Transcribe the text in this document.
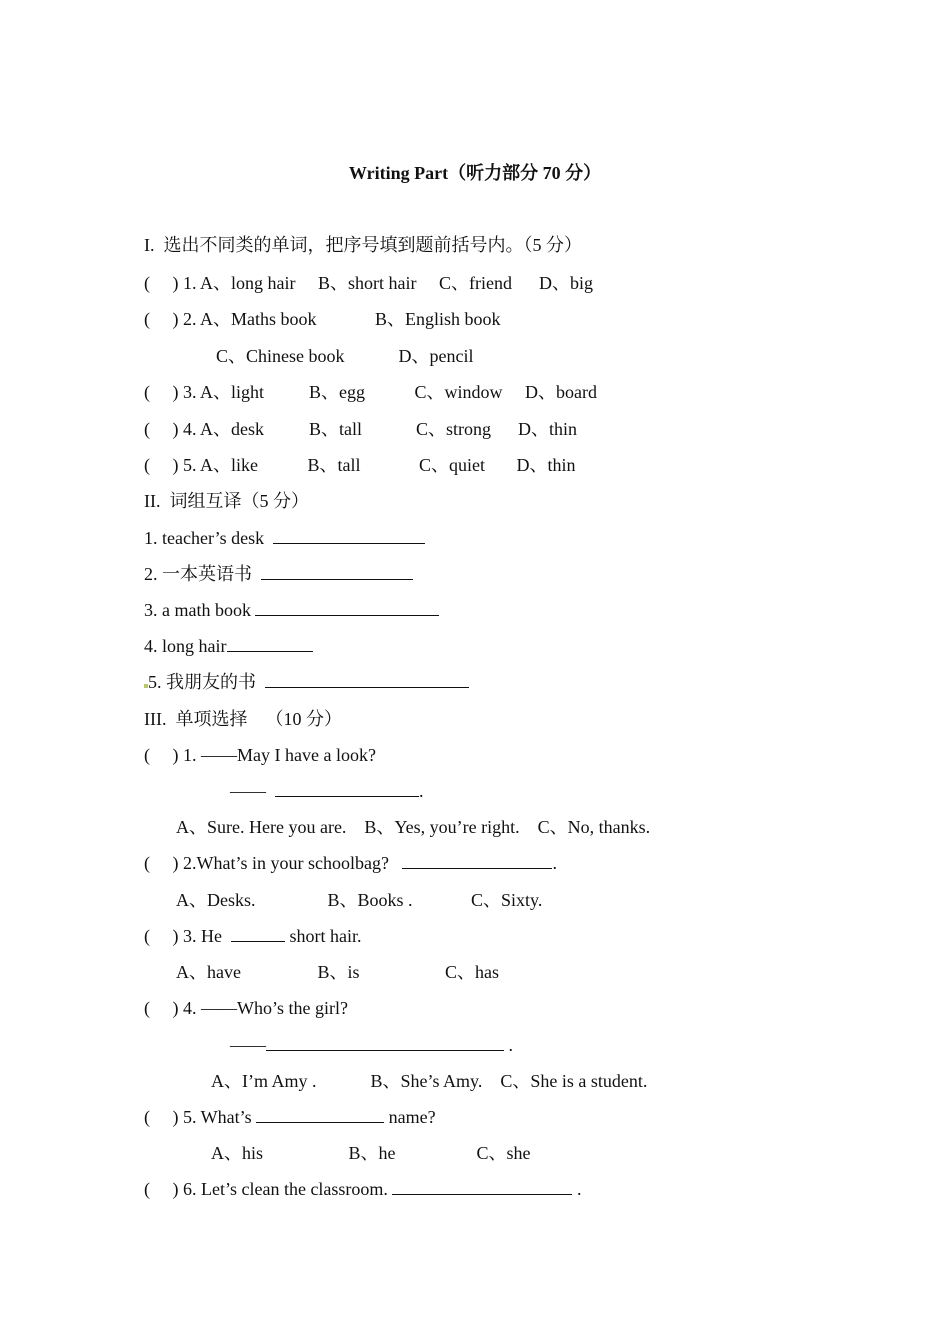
Writing Part（听力部分 70 分）
I.  选出不同类的单词，把序号填到题前括号内。（5 分）
(     ) 1. A、long hair     B、short hair     C、friend      D、big
(     ) 2. A、Maths book             B、English book
C、Chinese book            D、pencil
(     ) 3. A、light          B、egg           C、window     D、board
(     ) 4. A、desk          B、tall            C、strong      D、thin
(     ) 5. A、like           B、tall             C、quiet       D、thin
II.  词组互译（5 分）
1. teacher’s desk
2. 一本英语书
3. a math book
4. long hair
5. 我朋友的书
III.  单项选择    （10 分）
(     ) 1. ——May I have a look?
——	.
A、Sure. Here you are.    B、Yes, you’re right.    C、No, thanks.
(     ) 2.What’s in your schoolbag?	.
A、Desks.                B、Books .             C、Sixty.
(     ) 3. He	short hair.
A、have                 B、is                   C、has
(     ) 4. ——Who’s the girl?
——	.
A、I’m Amy .            B、She’s Amy.    C、She is a student.
(     ) 5. What’s	name?
A、his                   B、he                  C、she
(     ) 6. Let’s clean the classroom.	.
